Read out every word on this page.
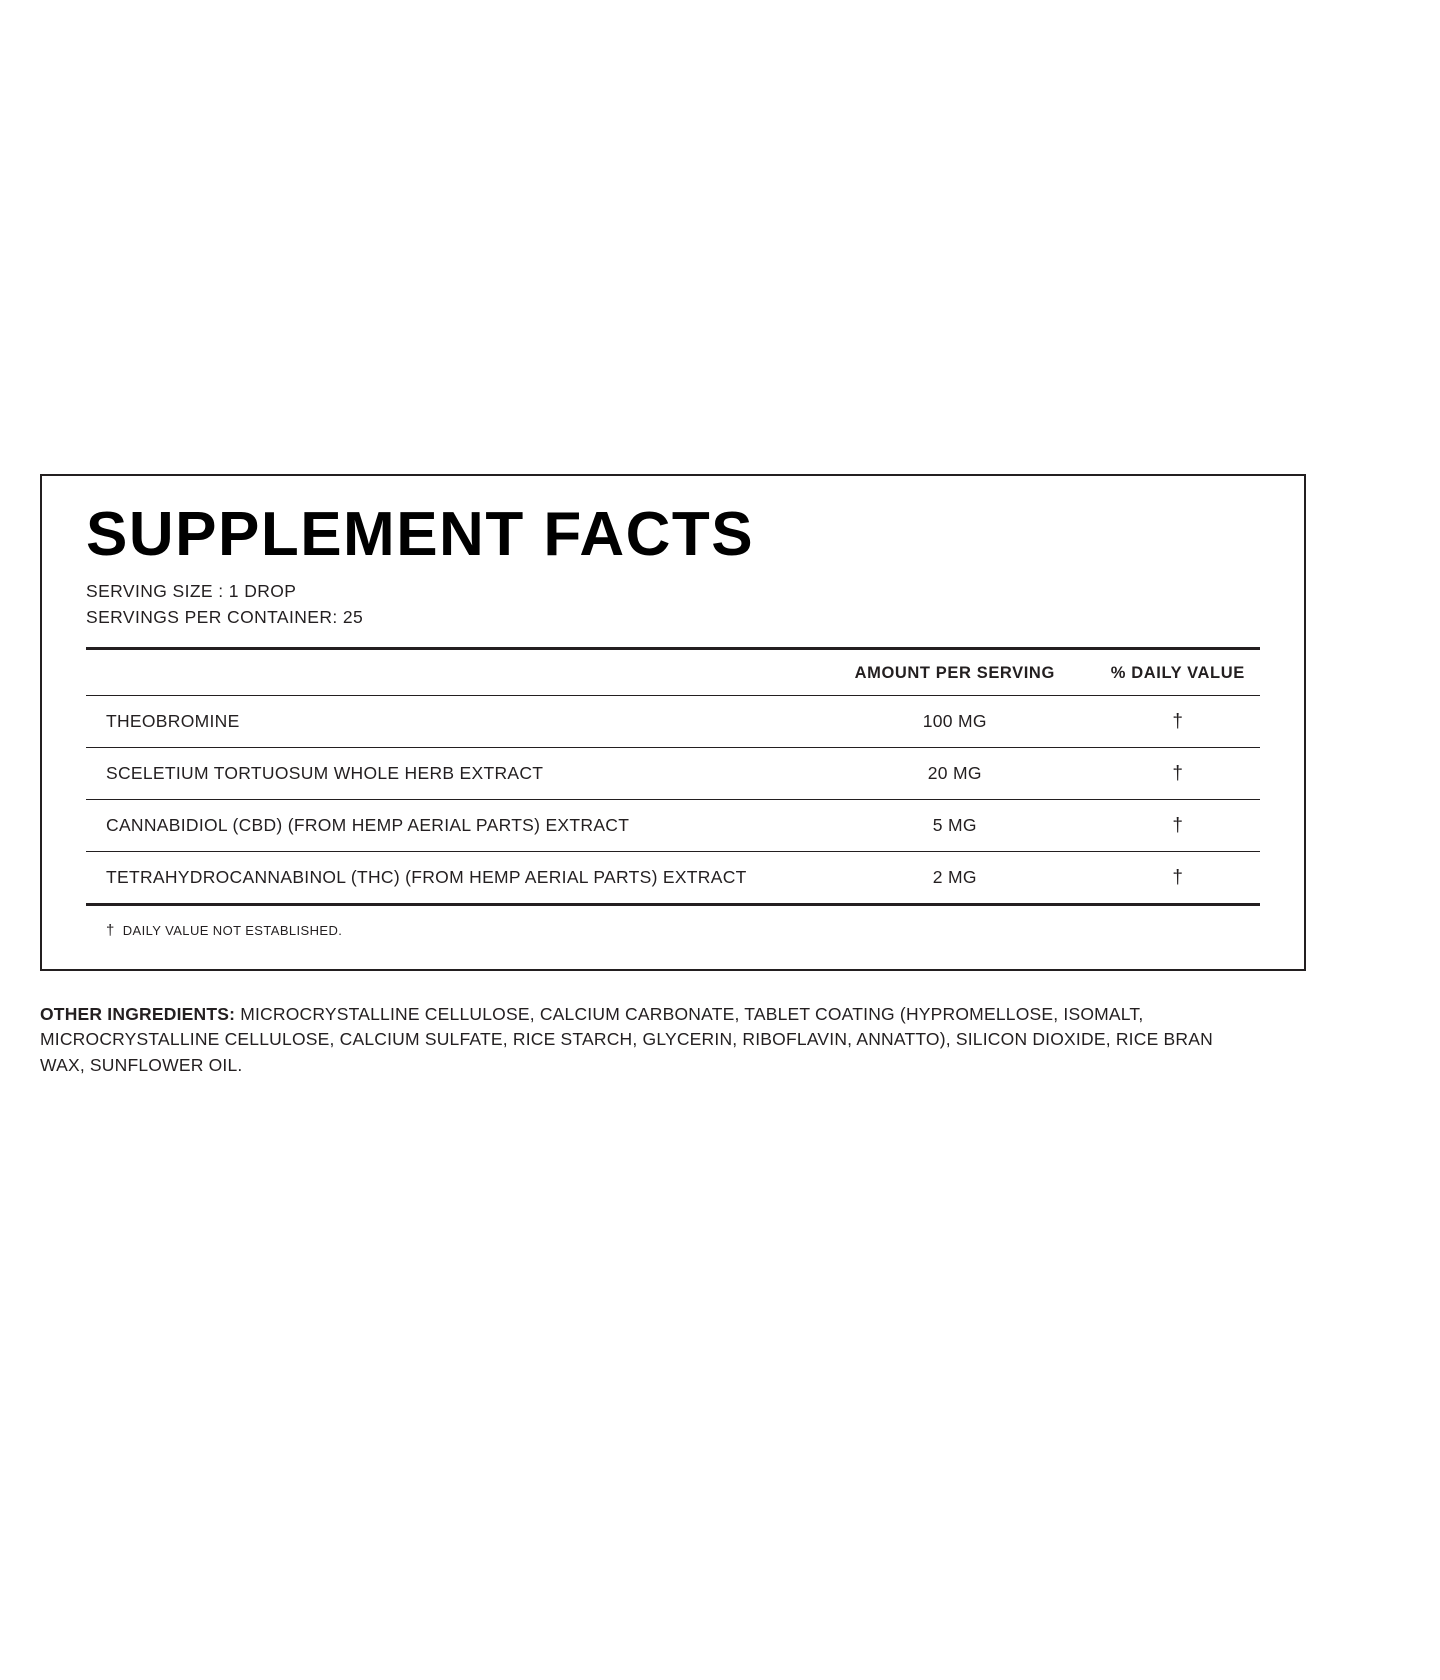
SUPPLEMENT FACTS
SERVING SIZE : 1 DROP
SERVINGS PER CONTAINER: 25
	AMOUNT PER SERVING	% DAILY VALUE
THEOBROMINE	100 MG	†
SCELETIUM TORTUOSUM WHOLE HERB EXTRACT	20 MG	†
CANNABIDIOL (CBD) (FROM HEMP AERIAL PARTS) EXTRACT	5 MG	†
TETRAHYDROCANNABINOL (THC) (FROM HEMP AERIAL PARTS) EXTRACT	2 MG	†
† DAILY VALUE NOT ESTABLISHED.
OTHER INGREDIENTS: MICROCRYSTALLINE CELLULOSE, CALCIUM CARBONATE, TABLET COATING (HYPROMELLOSE, ISOMALT, MICROCRYSTALLINE CELLULOSE, CALCIUM SULFATE, RICE STARCH, GLYCERIN, RIBOFLAVIN, ANNATTO), SILICON DIOXIDE, RICE BRAN WAX, SUNFLOWER OIL.
